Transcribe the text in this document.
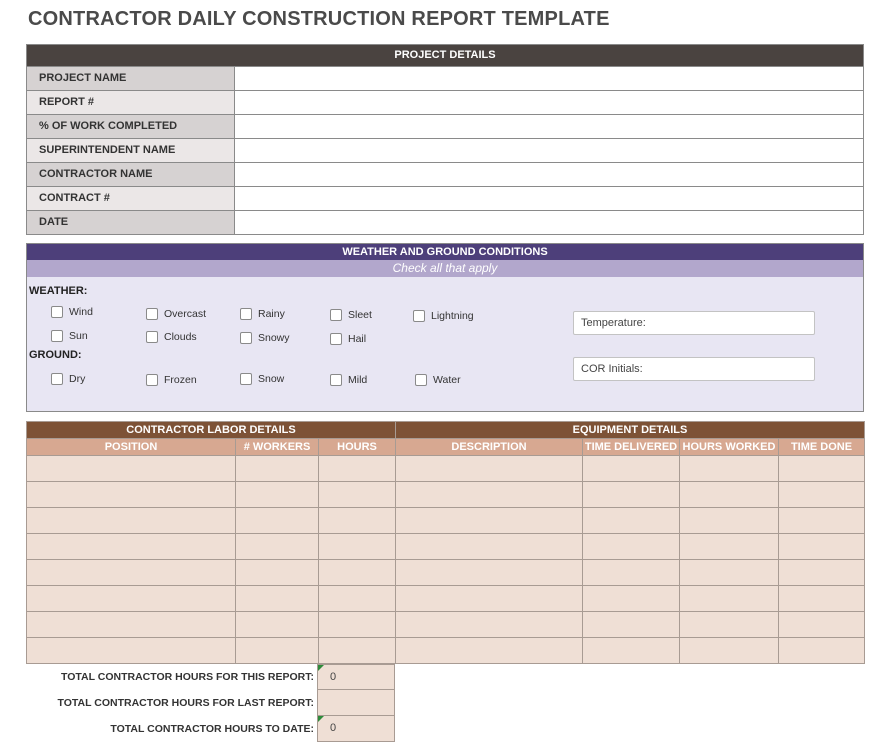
CONTRACTOR DAILY CONSTRUCTION REPORT TEMPLATE
PROJECT DETAILS
PROJECT NAME
REPORT #
% OF WORK COMPLETED
SUPERINTENDENT NAME
CONTRACTOR NAME
CONTRACT #
DATE
WEATHER AND GROUND CONDITIONS
Check all that apply
WEATHER:
Wind	Overcast	Rainy	Sleet	Lightning
Sun	Clouds	Snowy	Hail
GROUND:
Dry	Frozen	Snow	Mild	Water
Temperature:
COR Initials:
CONTRACTOR LABOR DETAILS			EQUIPMENT DETAILS			
POSITION	# WORKERS	HOURS	DESCRIPTION	TIME DELIVERED	HOURS WORKED	TIME DONE

TOTAL CONTRACTOR HOURS FOR THIS REPORT:	0
TOTAL CONTRACTOR HOURS FOR LAST REPORT:
TOTAL CONTRACTOR HOURS TO DATE:	0
